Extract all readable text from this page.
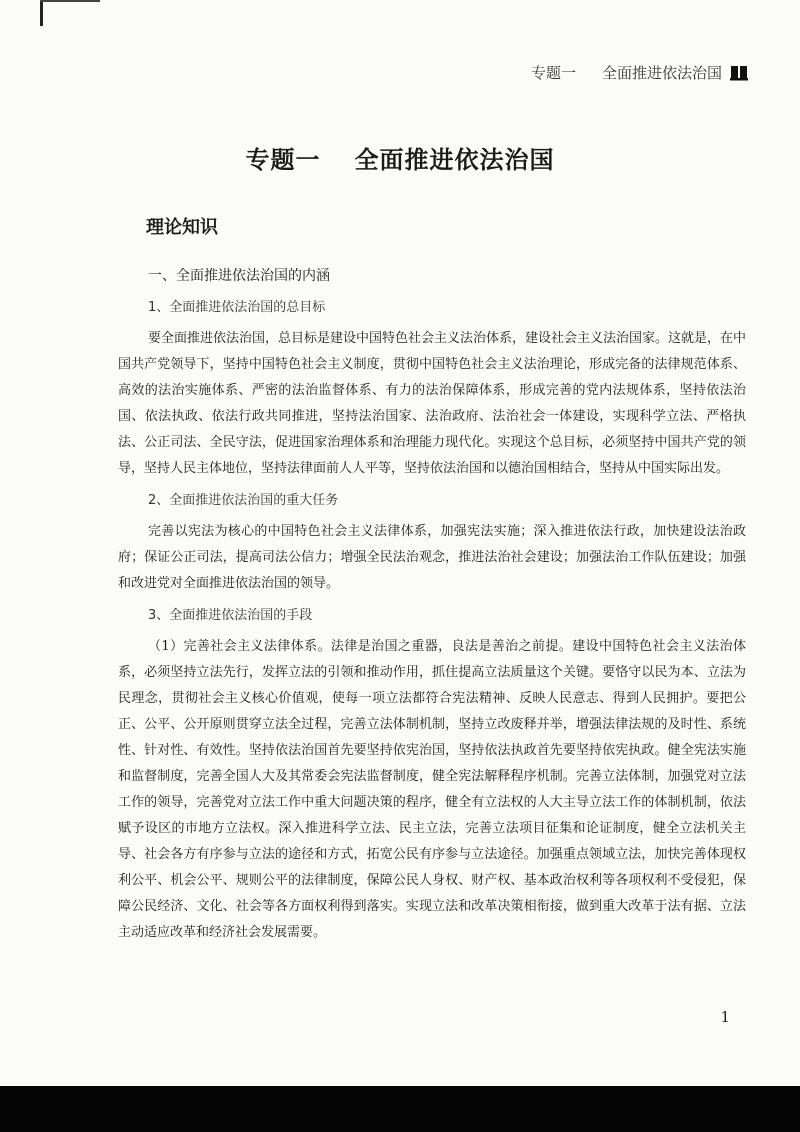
专题一 全面推进依法治国
专题一 全面推进依法治国
理论知识
一、全面推进依法治国的内涵
1、全面推进依法治国的总目标

要全面推进依法治国，总目标是建设中国特色社会主义法治体系，建设社会主义法治国家。这就是，在中国共产党领导下，坚持中国特色社会主义制度，贯彻中国特色社会主义法治理论，形成完备的法律规范体系、高效的法治实施体系、严密的法治监督体系、有力的法治保障体系，形成完善的党内法规体系，坚持依法治国、依法执政、依法行政共同推进，坚持法治国家、法治政府、法治社会一体建设，实现科学立法、严格执法、公正司法、全民守法，促进国家治理体系和治理能力现代化。实现这个总目标，必须坚持中国共产党的领导，坚持人民主体地位，坚持法律面前人人平等，坚持依法治国和以德治国相结合，坚持从中国实际出发。

2、全面推进依法治国的重大任务

完善以宪法为核心的中国特色社会主义法律体系，加强宪法实施；深入推进依法行政，加快建设法治政府；保证公正司法，提高司法公信力；增强全民法治观念，推进法治社会建设；加强法治工作队伍建设；加强和改进党对全面推进依法治国的领导。

3、全面推进依法治国的手段

（1）完善社会主义法律体系。法律是治国之重器，良法是善治之前提。建设中国特色社会主义法治体系，必须坚持立法先行，发挥立法的引领和推动作用，抓住提高立法质量这个关键。要恪守以民为本、立法为民理念，贯彻社会主义核心价值观，使每一项立法都符合宪法精神、反映人民意志、得到人民拥护。要把公正、公平、公开原则贯穿立法全过程，完善立法体制机制，坚持立改废释并举，增强法律法规的及时性、系统性、针对性、有效性。坚持依法治国首先要坚持依宪治国，坚持依法执政首先要坚持依宪执政。健全宪法实施和监督制度，完善全国人大及其常委会宪法监督制度，健全宪法解释程序机制。完善立法体制，加强党对立法工作的领导，完善党对立法工作中重大问题决策的程序，健全有立法权的人大主导立法工作的体制机制，依法赋予设区的市地方立法权。深入推进科学立法、民主立法，完善立法项目征集和论证制度，健全立法机关主导、社会各方有序参与立法的途径和方式，拓宽公民有序参与立法途径。加强重点领域立法，加快完善体现权利公平、机会公平、规则公平的法律制度，保障公民人身权、财产权、基本政治权利等各项权利不受侵犯，保障公民经济、文化、社会等各方面权利得到落实。实现立法和改革决策相衔接，做到重大改革于法有据、立法主动适应改革和经济社会发展需要。

1
